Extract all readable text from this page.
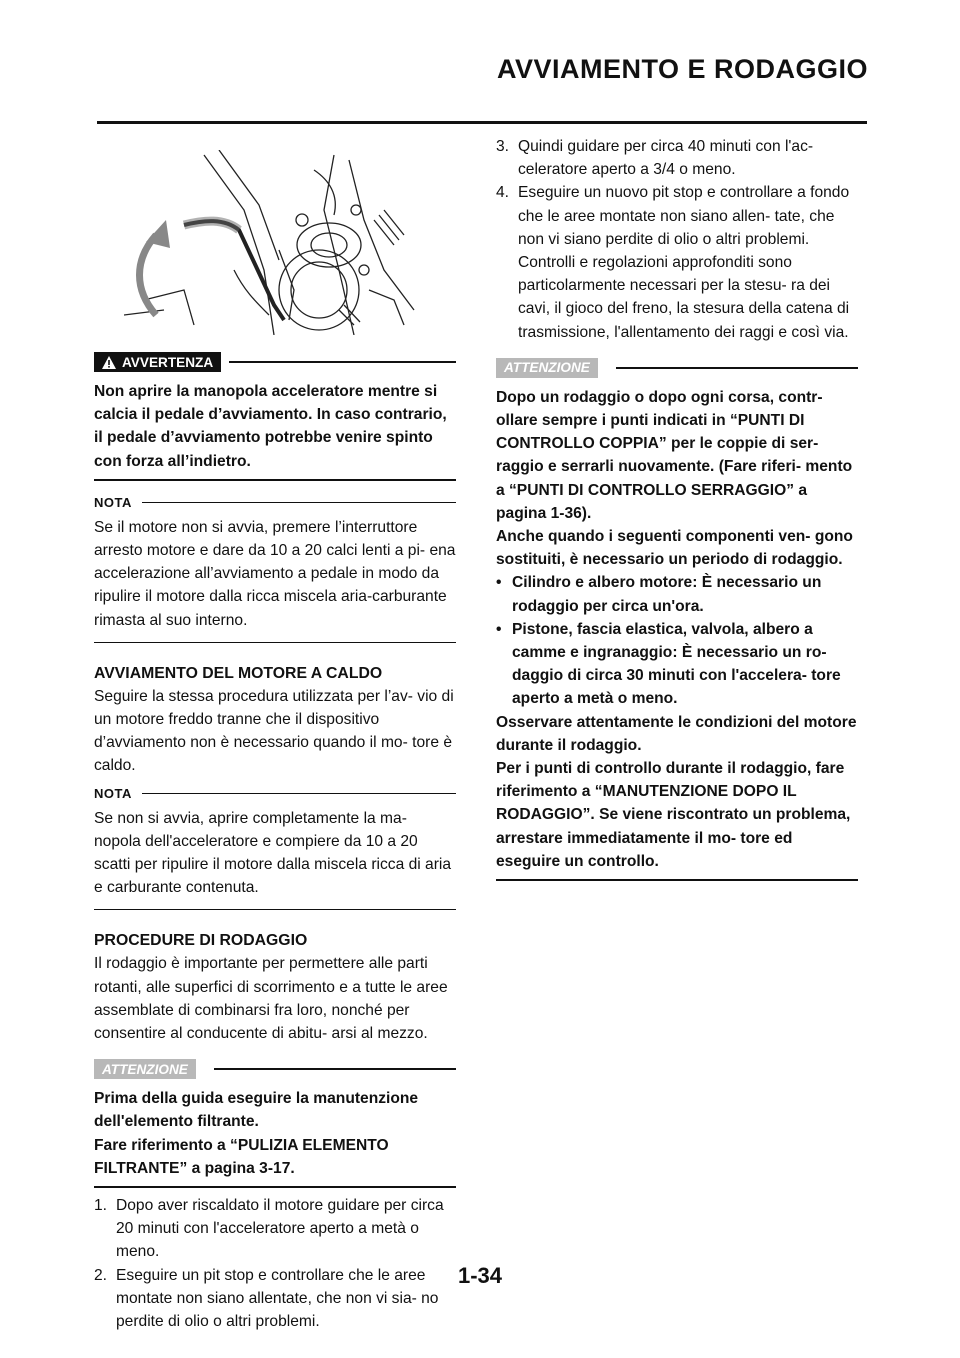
AVVIAMENTO E RODAGGIO
AVVERTENZA

Non aprire la manopola acceleratore mentre si calcia il pedale d’avviamento. In caso contrario, il pedale d’avviamento potrebbe venire spinto con forza all’indietro.

NOTA

Se il motore non si avvia, premere l’interruttore arresto motore e dare da 10 a 20 calci lenti a pi- ena accelerazione all’avviamento a pedale in modo da ripulire il motore dalla ricca miscela aria-carburante rimasta al suo interno.

AVVIAMENTO DEL MOTORE A CALDO

Seguire la stessa procedura utilizzata per l’av- vio di un motore freddo tranne che il dispositivo d’avviamento non è necessario quando il mo- tore è caldo.

NOTA

Se non si avvia, aprire completamente la ma- nopola dell'acceleratore e compiere da 10 a 20 scatti per ripulire il motore dalla miscela ricca di aria e carburante contenuta.

PROCEDURE DI RODAGGIO

Il rodaggio è importante per permettere alle parti rotanti, alle superfici di scorrimento e a tutte le aree assemblate di combinarsi fra loro, nonché per consentire al conducente di abitu- arsi al mezzo.

ATTENZIONE

Prima della guida eseguire la manutenzione dell'elemento filtrante.

Fare riferimento a “PULIZIA ELEMENTO FILTRANTE” a pagina 3-17.

1. Dopo aver riscaldato il motore guidare per circa 20 minuti con l'acceleratore aperto a metà o meno.
2. Eseguire un pit stop e controllare che le aree montate non siano allentate, che non vi sia- no perdite di olio o altri problemi.
3. Quindi guidare per circa 40 minuti con l'ac- celeratore aperto a 3/4 o meno.
4. Eseguire un nuovo pit stop e controllare a fondo che le aree montate non siano allen- tate, che non vi siano perdite di olio o altri problemi. Controlli e regolazioni approfonditi sono particolarmente necessari per la stesu- ra dei cavi, il gioco del freno, la stesura della catena di trasmissione, l'allentamento dei raggi e così via.
ATTENZIONE

Dopo un rodaggio o dopo ogni corsa, contr- ollare sempre i punti indicati in “PUNTI DI CONTROLLO COPPIA” per le coppie di ser- raggio e serrarli nuovamente. (Fare riferi- mento a “PUNTI DI CONTROLLO SERRAGGIO” a pagina 1-36).

Anche quando i seguenti componenti ven- gono sostituiti, è necessario un periodo di rodaggio.

• Cilindro e albero motore: È necessario un rodaggio per circa un'ora.
• Pistone, fascia elastica, valvola, albero a camme e ingranaggio: È necessario un ro- daggio di circa 30 minuti con l'accelera- tore aperto a metà o meno.

Osservare attentamente le condizioni del motore durante il rodaggio.

Per i punti di controllo durante il rodaggio, fare riferimento a “MANUTENZIONE DOPO IL RODAGGIO”. Se viene riscontrato un problema, arrestare immediatamente il mo- tore ed eseguire un controllo.

1-34
